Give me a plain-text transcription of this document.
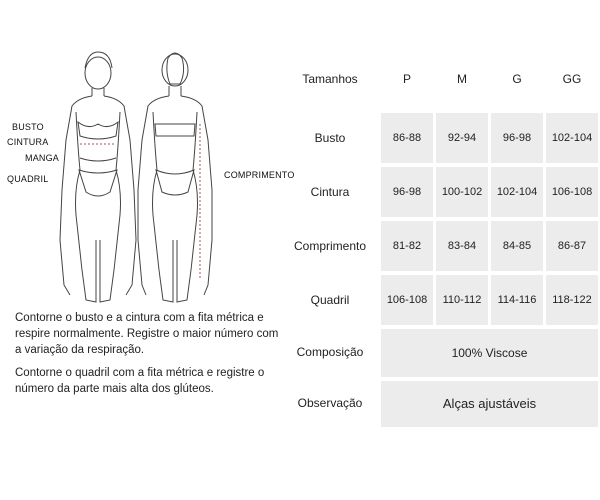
BUSTO
CINTURA
MANGA
QUADRIL	COMPRIMENTO

Contorne o busto e a cintura com a fita métrica e respire normalmente. Registre o maior número com a variação da respiração.

Contorne o quadril com a fita métrica e registre o número da parte mais alta dos glúteos.

Tamanhos	P	M	G	GG
Busto	86-88	92-94	96-98	102-104
Cintura	96-98	100-102	102-104	106-108
Comprimento	81-82	83-84	84-85	86-87
Quadril	106-108	110-112	114-116	118-122
Composição	100% Viscose
Observação	Alças ajustáveis
